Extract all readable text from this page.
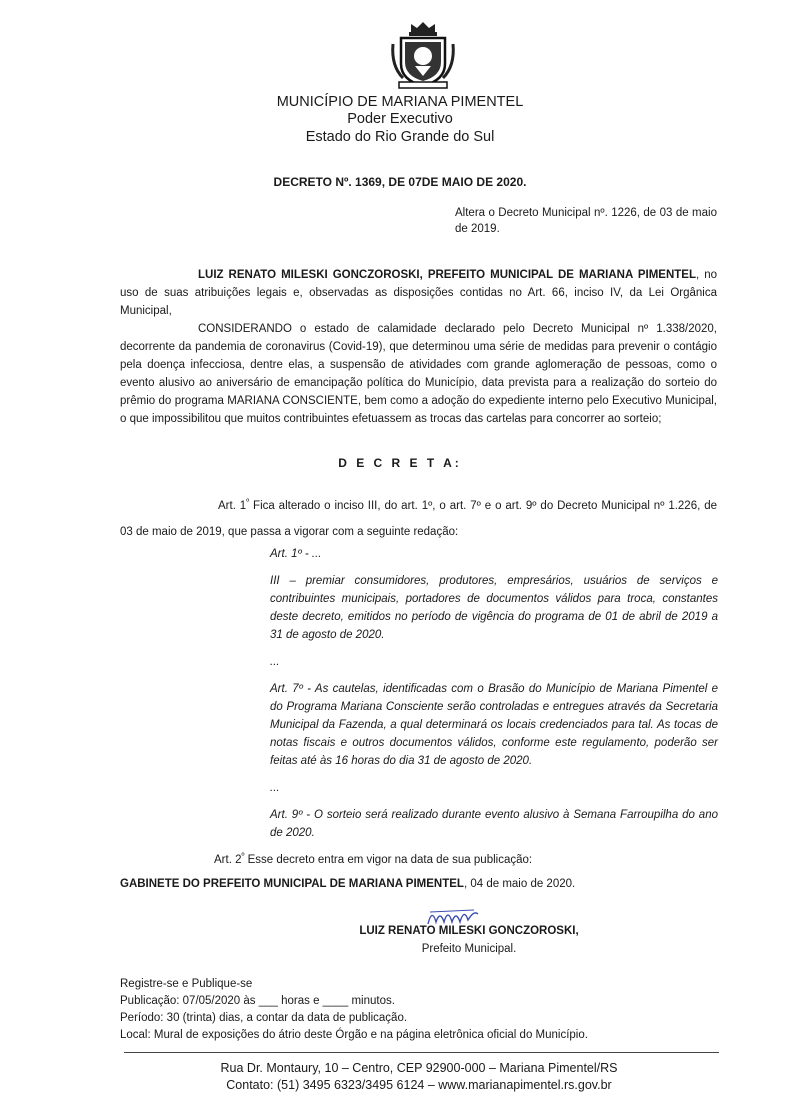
MUNICÍPIO DE MARIANA PIMENTEL
Poder Executivo
Estado do Rio Grande do Sul
DECRETO Nº. 1369, DE 07DE MAIO DE 2020.
Altera o Decreto Municipal nº. 1226, de 03 de maio de 2019.
LUIZ RENATO MILESKI GONCZOROSKI, PREFEITO MUNICIPAL DE MARIANA PIMENTEL, no uso de suas atribuições legais e, observadas as disposições contidas no Art. 66, inciso IV, da Lei Orgânica Municipal,
CONSIDERANDO o estado de calamidade declarado pelo Decreto Municipal nº 1.338/2020, decorrente da pandemia de coronavirus (Covid-19), que determinou uma série de medidas para prevenir o contágio pela doença infecciosa, dentre elas, a suspensão de atividades com grande aglomeração de pessoas, como o evento alusivo ao aniversário de emancipação política do Município, data prevista para a realização do sorteio do prêmio do programa MARIANA CONSCIENTE, bem como a adoção do expediente interno pelo Executivo Municipal, o que impossibilitou que muitos contribuintes efetuassem as trocas das cartelas para concorrer ao sorteio;
D E C R E T A:
Art. $1^º$ Fica alterado o inciso III, do art. 1º, o art. 7º e o art. 9º do Decreto Municipal nº 1.226, de 03 de maio de 2019, que passa a vigorar com a seguinte redação:
Art. 1º - ...
III – premiar consumidores, produtores, empresários, usuários de serviços e contribuintes municipais, portadores de documentos válidos para troca, constantes deste decreto, emitidos no período de vigência do programa de 01 de abril de 2019 a 31 de agosto de 2020.
...
Art. 7º - As cautelas, identificadas com o Brasão do Município de Mariana Pimentel e do Programa Mariana Consciente serão controladas e entregues através da Secretaria Municipal da Fazenda, a qual determinará os locais credenciados para tal. As tocas de notas fiscais e outros documentos válidos, conforme este regulamento, poderão ser feitas até às 16 horas do dia 31 de agosto de 2020.
...
Art. 9º - O sorteio será realizado durante evento alusivo à Semana Farroupilha do ano de 2020.
Art. $2^º$ Esse decreto entra em vigor na data de sua publicação:
GABINETE DO PREFEITO MUNICIPAL DE MARIANA PIMENTEL, 04 de maio de 2020.
LUIZ RENATO MILESKI GONCZOROSKI,
Prefeito Municipal.
Registre-se e Publique-se
Publicação: 07/05/2020 às ___ horas e ____ minutos.
Período: 30 (trinta) dias, a contar da data de publicação.
Local: Mural de exposições do átrio deste Órgão e na página eletrônica oficial do Município.
Rua Dr. Montaury, 10 – Centro, CEP 92900-000 – Mariana Pimentel/RS
Contato: (51) 3495 6323/3495 6124 – www.marianapimentel.rs.gov.br
